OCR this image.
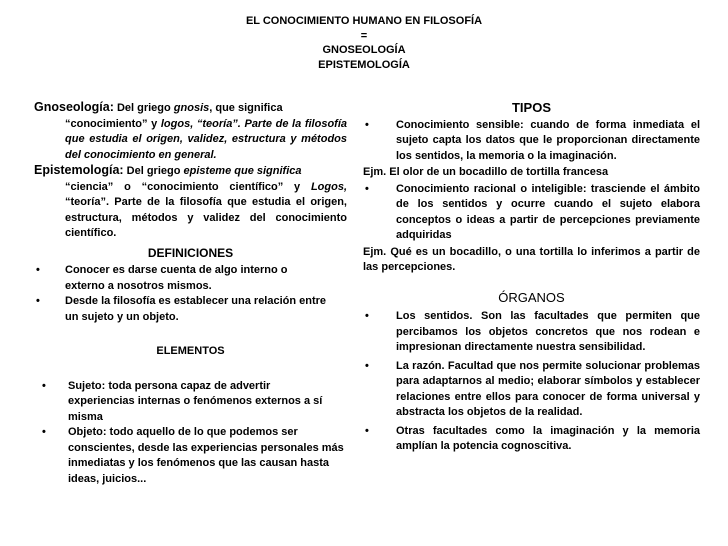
EL CONOCIMIENTO HUMANO EN FILOSOFÍA
=
GNOSEOLOGÍA
EPISTEMOLOGÍA
Gnoseología: Del griego gnosis, que significa
“conocimiento” y logos, “teoría”. Parte de la filosofía que estudia el origen, validez, estructura y métodos del conocimiento en general.
Epistemología: Del griego episteme que significa
“ciencia” o “conocimiento científico” y Logos, “teoría”. Parte de la filosofía que estudia el origen, estructura, métodos y validez del conocimiento científico.
DEFINICIONES
• Conocer es darse cuenta de algo interno o externo a nosotros mismos.
• Desde la filosofía es establecer una relación entre un sujeto y un objeto.
ELEMENTOS
• Sujeto: toda persona capaz de advertir experiencias internas o fenómenos externos a sí misma
• Objeto: todo aquello de lo que podemos ser conscientes, desde las experiencias personales más inmediatas y los fenómenos que las causan hasta ideas, juicios...
TIPOS
• Conocimiento sensible: cuando de forma inmediata el sujeto capta los datos que le proporcionan directamente los sentidos, la memoria o la imaginación.
Ejm. El olor de un bocadillo de tortilla francesa
• Conocimiento racional o inteligible: trasciende el ámbito de los sentidos y ocurre cuando el sujeto elabora conceptos o ideas a partir de percepciones previamente adquiridas
Ejm. Qué es un bocadillo, o una tortilla lo inferimos a partir de las percepciones.
ÓRGANOS
• Los sentidos. Son las facultades que permiten que percibamos los objetos concretos que nos rodean e impresionan directamente nuestra sensibilidad.
• La razón. Facultad que nos permite solucionar problemas para adaptarnos al medio; elaborar símbolos y establecer relaciones entre ellos para conocer de forma universal y abstracta los objetos de la realidad.
• Otras facultades como la imaginación y la memoria amplían la potencia cognoscitiva.
